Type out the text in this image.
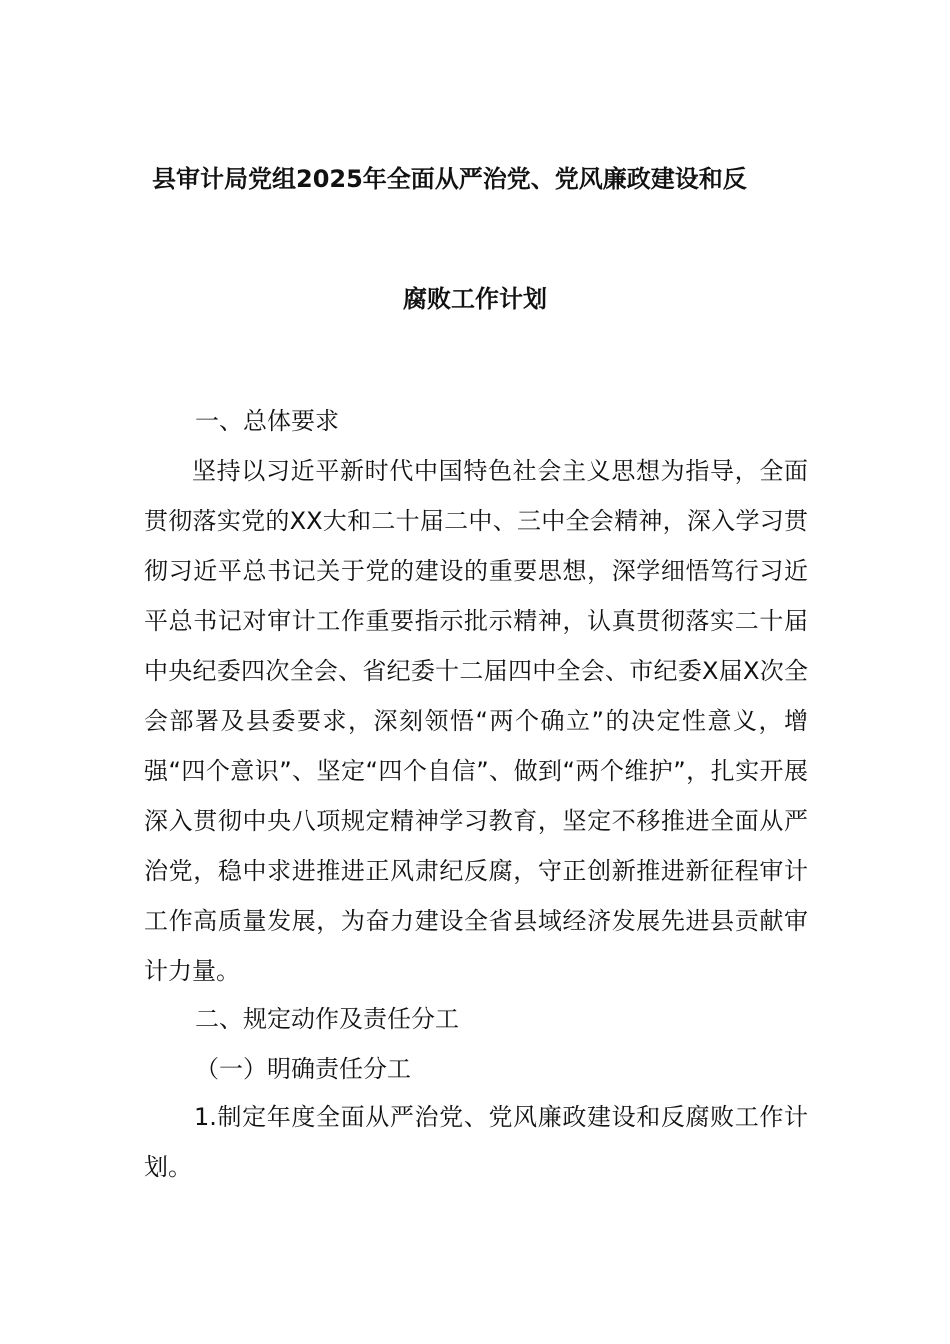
县审计局党组2025年全面从严治党、党风廉政建设和反
腐败工作计划
一、总体要求

坚持以习近平新时代中国特色社会主义思想为指导，全面贯彻落实党的XX大和二十届二中、三中全会精神，深入学习贯彻习近平总书记关于党的建设的重要思想，深学细悟笃行习近平总书记对审计工作重要指示批示精神，认真贯彻落实二十届中央纪委四次全会、省纪委十二届四中全会、市纪委X届X次全会部署及县委要求，深刻领悟“两个确立”的决定性意义，增强“四个意识”、坚定“四个自信”、做到“两个维护”，扎实开展深入贯彻中央八项规定精神学习教育，坚定不移推进全面从严治党，稳中求进推进正风肃纪反腐，守正创新推进新征程审计工作高质量发展，为奋力建设全省县域经济发展先进县贡献审计力量。

二、规定动作及责任分工
（一）明确责任分工

1.制定年度全面从严治党、党风廉政建设和反腐败工作计划。
